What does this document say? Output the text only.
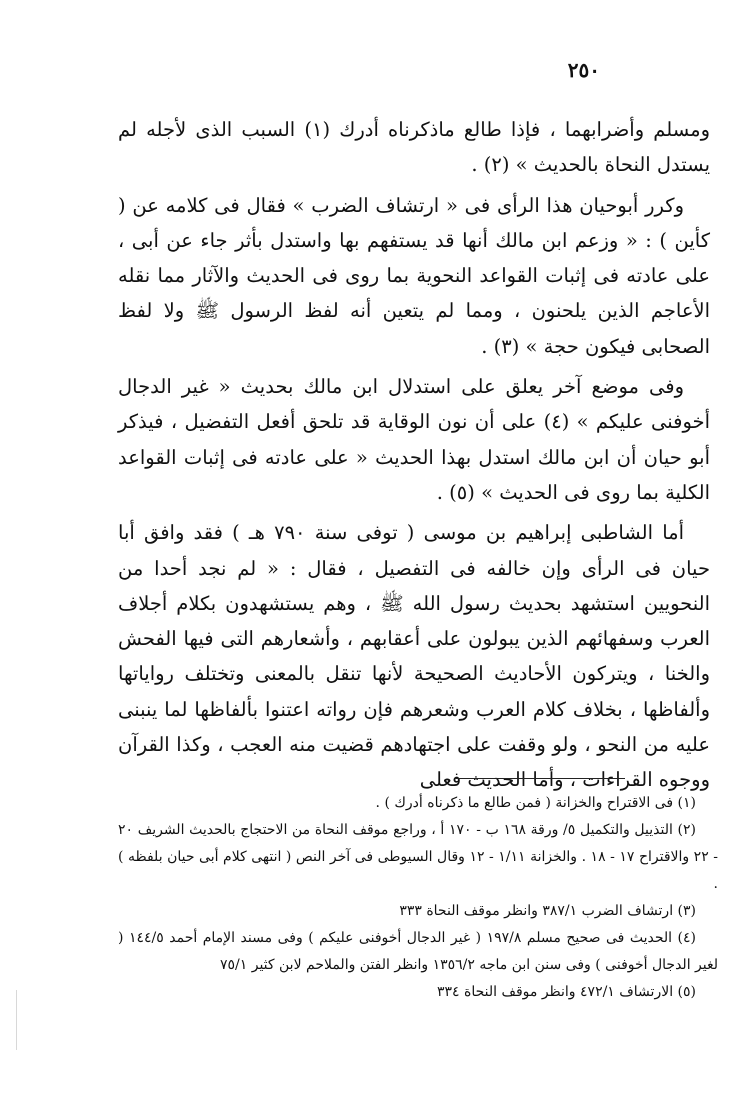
٢٥٠

ومسلم وأضرابهما ، فإذا طالع ماذكرناه أدرك (١) السبب الذى لأجله لم يستدل النحاة بالحديث » (٢) .

وكرر أبوحيان هذا الرأى فى « ارتشاف الضرب » فقال فى كلامه عن ( كأين ) : « وزعم ابن مالك أنها قد يستفهم بها واستدل بأثر جاء عن أبى ، على عادته فى إثبات القواعد النحوية بما روى فى الحديث والآثار مما نقله الأعاجم الذين يلحنون ، ومما لم يتعين أنه لفظ الرسول ﷺ ولا لفظ الصحابى فيكون حجة » (٣) .

وفى موضع آخر يعلق على استدلال ابن مالك بحديث « غير الدجال أخوفنى عليكم » (٤) على أن نون الوقاية قد تلحق أفعل التفضيل ، فيذكر أبو حيان أن ابن مالك استدل بهذا الحديث « على عادته فى إثبات القواعد الكلية بما روى فى الحديث » (٥) .

أما الشاطبى إبراهيم بن موسى ( توفى سنة ٧٩٠ هـ ) فقد وافق أبا حيان فى الرأى وإن خالفه فى التفصيل ، فقال : « لم نجد أحدا من النحويين استشهد بحديث رسول الله ﷺ ، وهم يستشهدون بكلام أجلاف العرب وسفهائهم الذين يبولون على أعقابهم ، وأشعارهم التى فيها الفحش والخنا ، ويتركون الأحاديث الصحيحة لأنها تنقل بالمعنى وتختلف رواياتها وألفاظها ، بخلاف كلام العرب وشعرهم فإن رواته اعتنوا بألفاظها لما ينبنى عليه من النحو ، ولو وقفت على اجتهادهم قضيت منه العجب ، وكذا القرآن ووجوه القراءات ، وأما الحديث فعلى

(١) فى الاقتراح والخزانة ( فمن طالع ما ذكرناه أدرك ) .

(٢) التذييل والتكميل ٥/ ورقة ١٦٨ ب - ١٧٠ أ ، وراجع موقف النحاة من الاحتجاج بالحديث الشريف ٢٠ - ٢٢ والاقتراح ١٧ - ١٨ . والخزانة ١/١١ - ١٢ وقال السيوطى فى آخر النص ( انتهى كلام أبى حيان بلفظه ) .

(٣) ارتشاف الضرب ٣٨٧/١ وانظر موقف النحاة ٣٣٣

(٤) الحديث فى صحيح مسلم ١٩٧/٨ ( غير الدجال أخوفنى عليكم ) وفى مسند الإمام أحمد ١٤٤/٥ ( لغير الدجال أخوفنى ) وفى سنن ابن ماجه ١٣٥٦/٢ وانظر الفتن والملاحم لابن كثير ٧٥/١

(٥) الارتشاف ٤٧٢/١ وانظر موقف النحاة ٣٣٤
